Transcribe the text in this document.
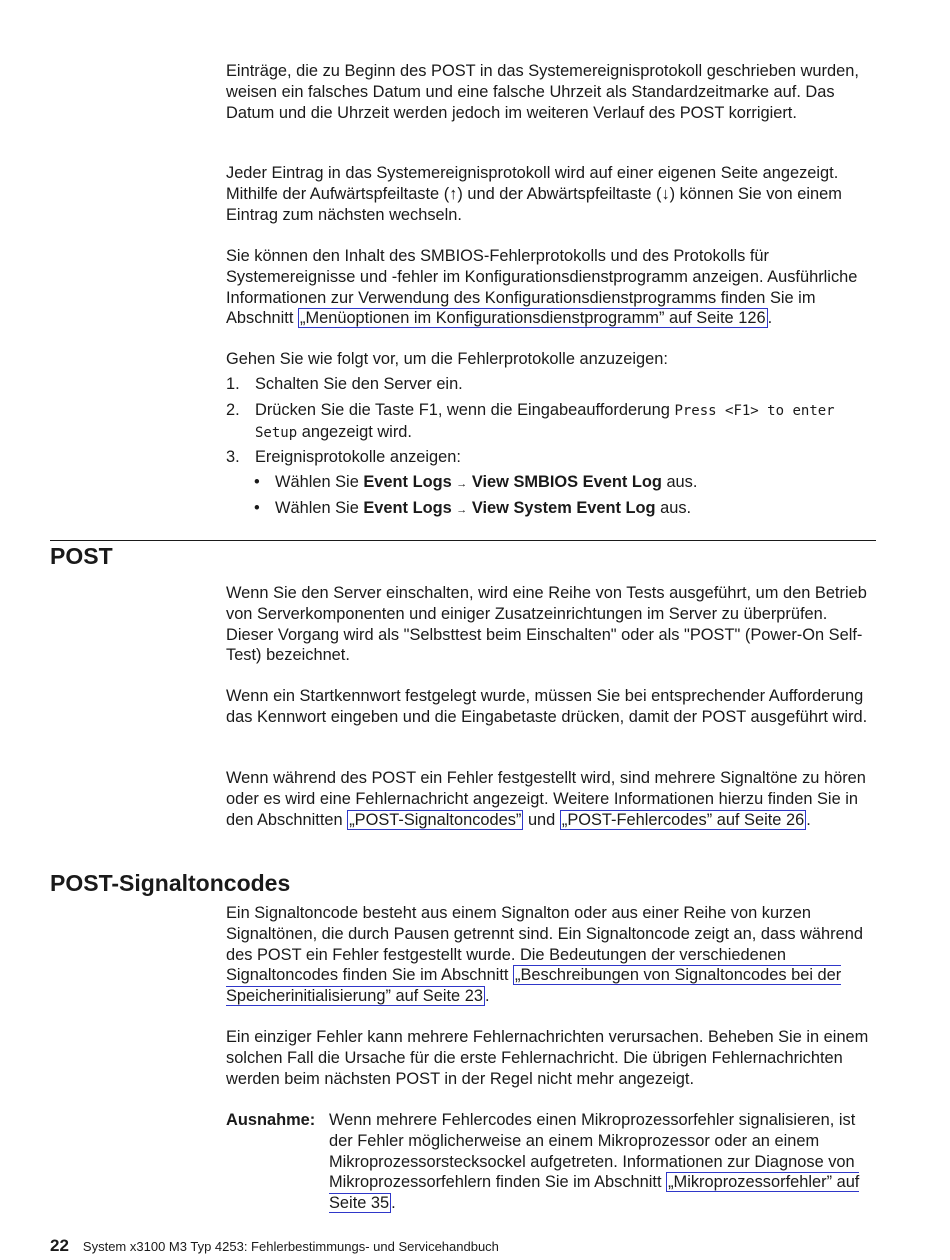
Einträge, die zu Beginn des POST in das Systemereignisprotokoll geschrieben wurden, weisen ein falsches Datum und eine falsche Uhrzeit als Standardzeitmarke auf. Das Datum und die Uhrzeit werden jedoch im weiteren Verlauf des POST korrigiert.

Jeder Eintrag in das Systemereignisprotokoll wird auf einer eigenen Seite angezeigt. Mithilfe der Aufwärtspfeiltaste (↑) und der Abwärtspfeiltaste (↓) können Sie von einem Eintrag zum nächsten wechseln.

Sie können den Inhalt des SMBIOS-Fehlerprotokolls und des Protokolls für Systemereignisse und -fehler im Konfigurationsdienstprogramm anzeigen. Ausführliche Informationen zur Verwendung des Konfigurationsdienstprogramms finden Sie im Abschnitt „Menüoptionen im Konfigurationsdienstprogramm” auf Seite 126 .

Gehen Sie wie folgt vor, um die Fehlerprotokolle anzuzeigen:

1. Schalten Sie den Server ein.
2. Drücken Sie die Taste F1, wenn die Eingabeaufforderung Press <F1> to enter Setup angezeigt wird.
3. Ereignisprotokolle anzeigen:
• Wählen Sie Event Logs → View SMBIOS Event Log aus.
• Wählen Sie Event Logs → View System Event Log aus.
POST

Wenn Sie den Server einschalten, wird eine Reihe von Tests ausgeführt, um den Betrieb von Serverkomponenten und einiger Zusatzeinrichtungen im Server zu überprüfen. Dieser Vorgang wird als "Selbsttest beim Einschalten" oder als "POST" (Power-On Self-Test) bezeichnet.

Wenn ein Startkennwort festgelegt wurde, müssen Sie bei entsprechender Aufforderung das Kennwort eingeben und die Eingabetaste drücken, damit der POST ausgeführt wird.

Wenn während des POST ein Fehler festgestellt wird, sind mehrere Signaltöne zu hören oder es wird eine Fehlernachricht angezeigt. Weitere Informationen hierzu finden Sie in den Abschnitten „POST-Signaltoncodes” und „POST-Fehlercodes” auf Seite 26 .

POST-Signaltoncodes

Ein Signaltoncode besteht aus einem Signalton oder aus einer Reihe von kurzen Signaltönen, die durch Pausen getrennt sind. Ein Signaltoncode zeigt an, dass während des POST ein Fehler festgestellt wurde. Die Bedeutungen der verschiedenen Signaltoncodes finden Sie im Abschnitt „Beschreibungen von Signaltoncodes bei der Speicherinitialisierung” auf Seite 23 .

Ein einziger Fehler kann mehrere Fehlernachrichten verursachen. Beheben Sie in einem solchen Fall die Ursache für die erste Fehlernachricht. Die übrigen Fehlernachrichten werden beim nächsten POST in der Regel nicht mehr angezeigt.

Ausnahme: Wenn mehrere Fehlercodes einen Mikroprozessorfehler signalisieren, ist der Fehler möglicherweise an einem Mikroprozessor oder an einem Mikroprozessorstecksockel aufgetreten. Informationen zur Diagnose von Mikroprozessorfehlern finden Sie im Abschnitt „Mikroprozessorfehler” auf Seite 35 .

22 System x3100 M3 Typ 4253: Fehlerbestimmungs- und Servicehandbuch
